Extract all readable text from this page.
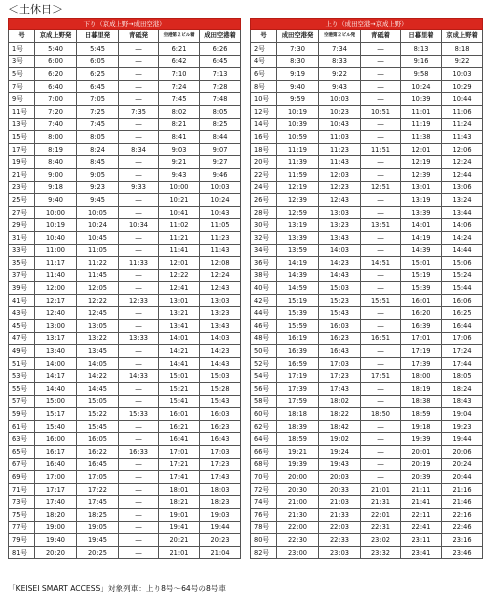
＜土休日＞
下り（京成上野→成田空港）					
号	京成上野発	日暮里発	青砥発	空港第２ビル着	成田空港着
1号	5:40	5:45	—	6:21	6:26
3号	6:00	6:05	—	6:42	6:45
5号	6:20	6:25	—	7:10	7:13
7号	6:40	6:45	—	7:24	7:28
9号	7:00	7:05	—	7:45	7:48
11号	7:20	7:25	7:35	8:02	8:05
13号	7:40	7:45	—	8:21	8:25
15号	8:00	8:05	—	8:41	8:44
17号	8:19	8:24	8:34	9:03	9:07
19号	8:40	8:45	—	9:21	9:27
21号	9:00	9:05	—	9:43	9:46
23号	9:18	9:23	9:33	10:00	10:03
25号	9:40	9:45	—	10:21	10:24
27号	10:00	10:05	—	10:41	10:43
29号	10:19	10:24	10:34	11:02	11:05
31号	10:40	10:45	—	11:21	11:23
33号	11:00	11:05	—	11:41	11:43
35号	11:17	11:22	11:33	12:01	12:08
37号	11:40	11:45	—	12:22	12:24
39号	12:00	12:05	—	12:41	12:43
41号	12:17	12:22	12:33	13:01	13:03
43号	12:40	12:45	—	13:21	13:23
45号	13:00	13:05	—	13:41	13:43
47号	13:17	13:22	13:33	14:01	14:03
49号	13:40	13:45	—	14:21	14:23
51号	14:00	14:05	—	14:41	14:43
53号	14:17	14:22	14:33	15:01	15:03
55号	14:40	14:45	—	15:21	15:28
57号	15:00	15:05	—	15:41	15:43
59号	15:17	15:22	15:33	16:01	16:03
61号	15:40	15:45	—	16:21	16:23
63号	16:00	16:05	—	16:41	16:43
65号	16:17	16:22	16:33	17:01	17:03
67号	16:40	16:45	—	17:21	17:23
69号	17:00	17:05	—	17:41	17:43
71号	17:17	17:22	—	18:01	18:03
73号	17:40	17:45	—	18:21	18:23
75号	18:20	18:25	—	19:01	19:03
77号	19:00	19:05	—	19:41	19:44
79号	19:40	19:45	—	20:21	20:23
81号	20:20	20:25	—	21:01	21:04
上り（成田空港→京成上野）					
号	成田空港発	空港第２ビル発	青砥着	日暮里着	京成上野着
2号	7:30	7:34	—	8:13	8:18
4号	8:30	8:33	—	9:16	9:22
6号	9:19	9:22	—	9:58	10:03
8号	9:40	9:43	—	10:24	10:29
10号	9:59	10:03	—	10:39	10:44
12号	10:19	10:23	10:51	11:01	11:06
14号	10:39	10:43	—	11:19	11:24
16号	10:59	11:03	—	11:38	11:43
18号	11:19	11:23	11:51	12:01	12:06
20号	11:39	11:43	—	12:19	12:24
22号	11:59	12:03	—	12:39	12:44
24号	12:19	12:23	12:51	13:01	13:06
26号	12:39	12:43	—	13:19	13:24
28号	12:59	13:03	—	13:39	13:44
30号	13:19	13:23	13:51	14:01	14:06
32号	13:39	13:43	—	14:19	14:24
34号	13:59	14:03	—	14:39	14:44
36号	14:19	14:23	14:51	15:01	15:06
38号	14:39	14:43	—	15:19	15:24
40号	14:59	15:03	—	15:39	15:44
42号	15:19	15:23	15:51	16:01	16:06
44号	15:39	15:43	—	16:20	16:25
46号	15:59	16:03	—	16:39	16:44
48号	16:19	16:23	16:51	17:01	17:06
50号	16:39	16:43	—	17:19	17:24
52号	16:59	17:03	—	17:39	17:44
54号	17:19	17:23	17:51	18:00	18:05
56号	17:39	17:43	—	18:19	18:24
58号	17:59	18:02	—	18:38	18:43
60号	18:18	18:22	18:50	18:59	19:04
62号	18:39	18:42	—	19:18	19:23
64号	18:59	19:02	—	19:39	19:44
66号	19:21	19:24	—	20:01	20:06
68号	19:39	19:43	—	20:19	20:24
70号	20:00	20:03	—	20:39	20:44
72号	20:30	20:33	21:01	21:11	21:16
74号	21:00	21:03	21:31	21:41	21:46
76号	21:30	21:33	22:01	22:11	22:16
78号	22:00	22:03	22:31	22:41	22:46
80号	22:30	22:33	23:02	23:11	23:16
82号	23:00	23:03	23:32	23:41	23:46
「KEISEI SMART ACCESS」対象列車：上り8号～64号の8号車
